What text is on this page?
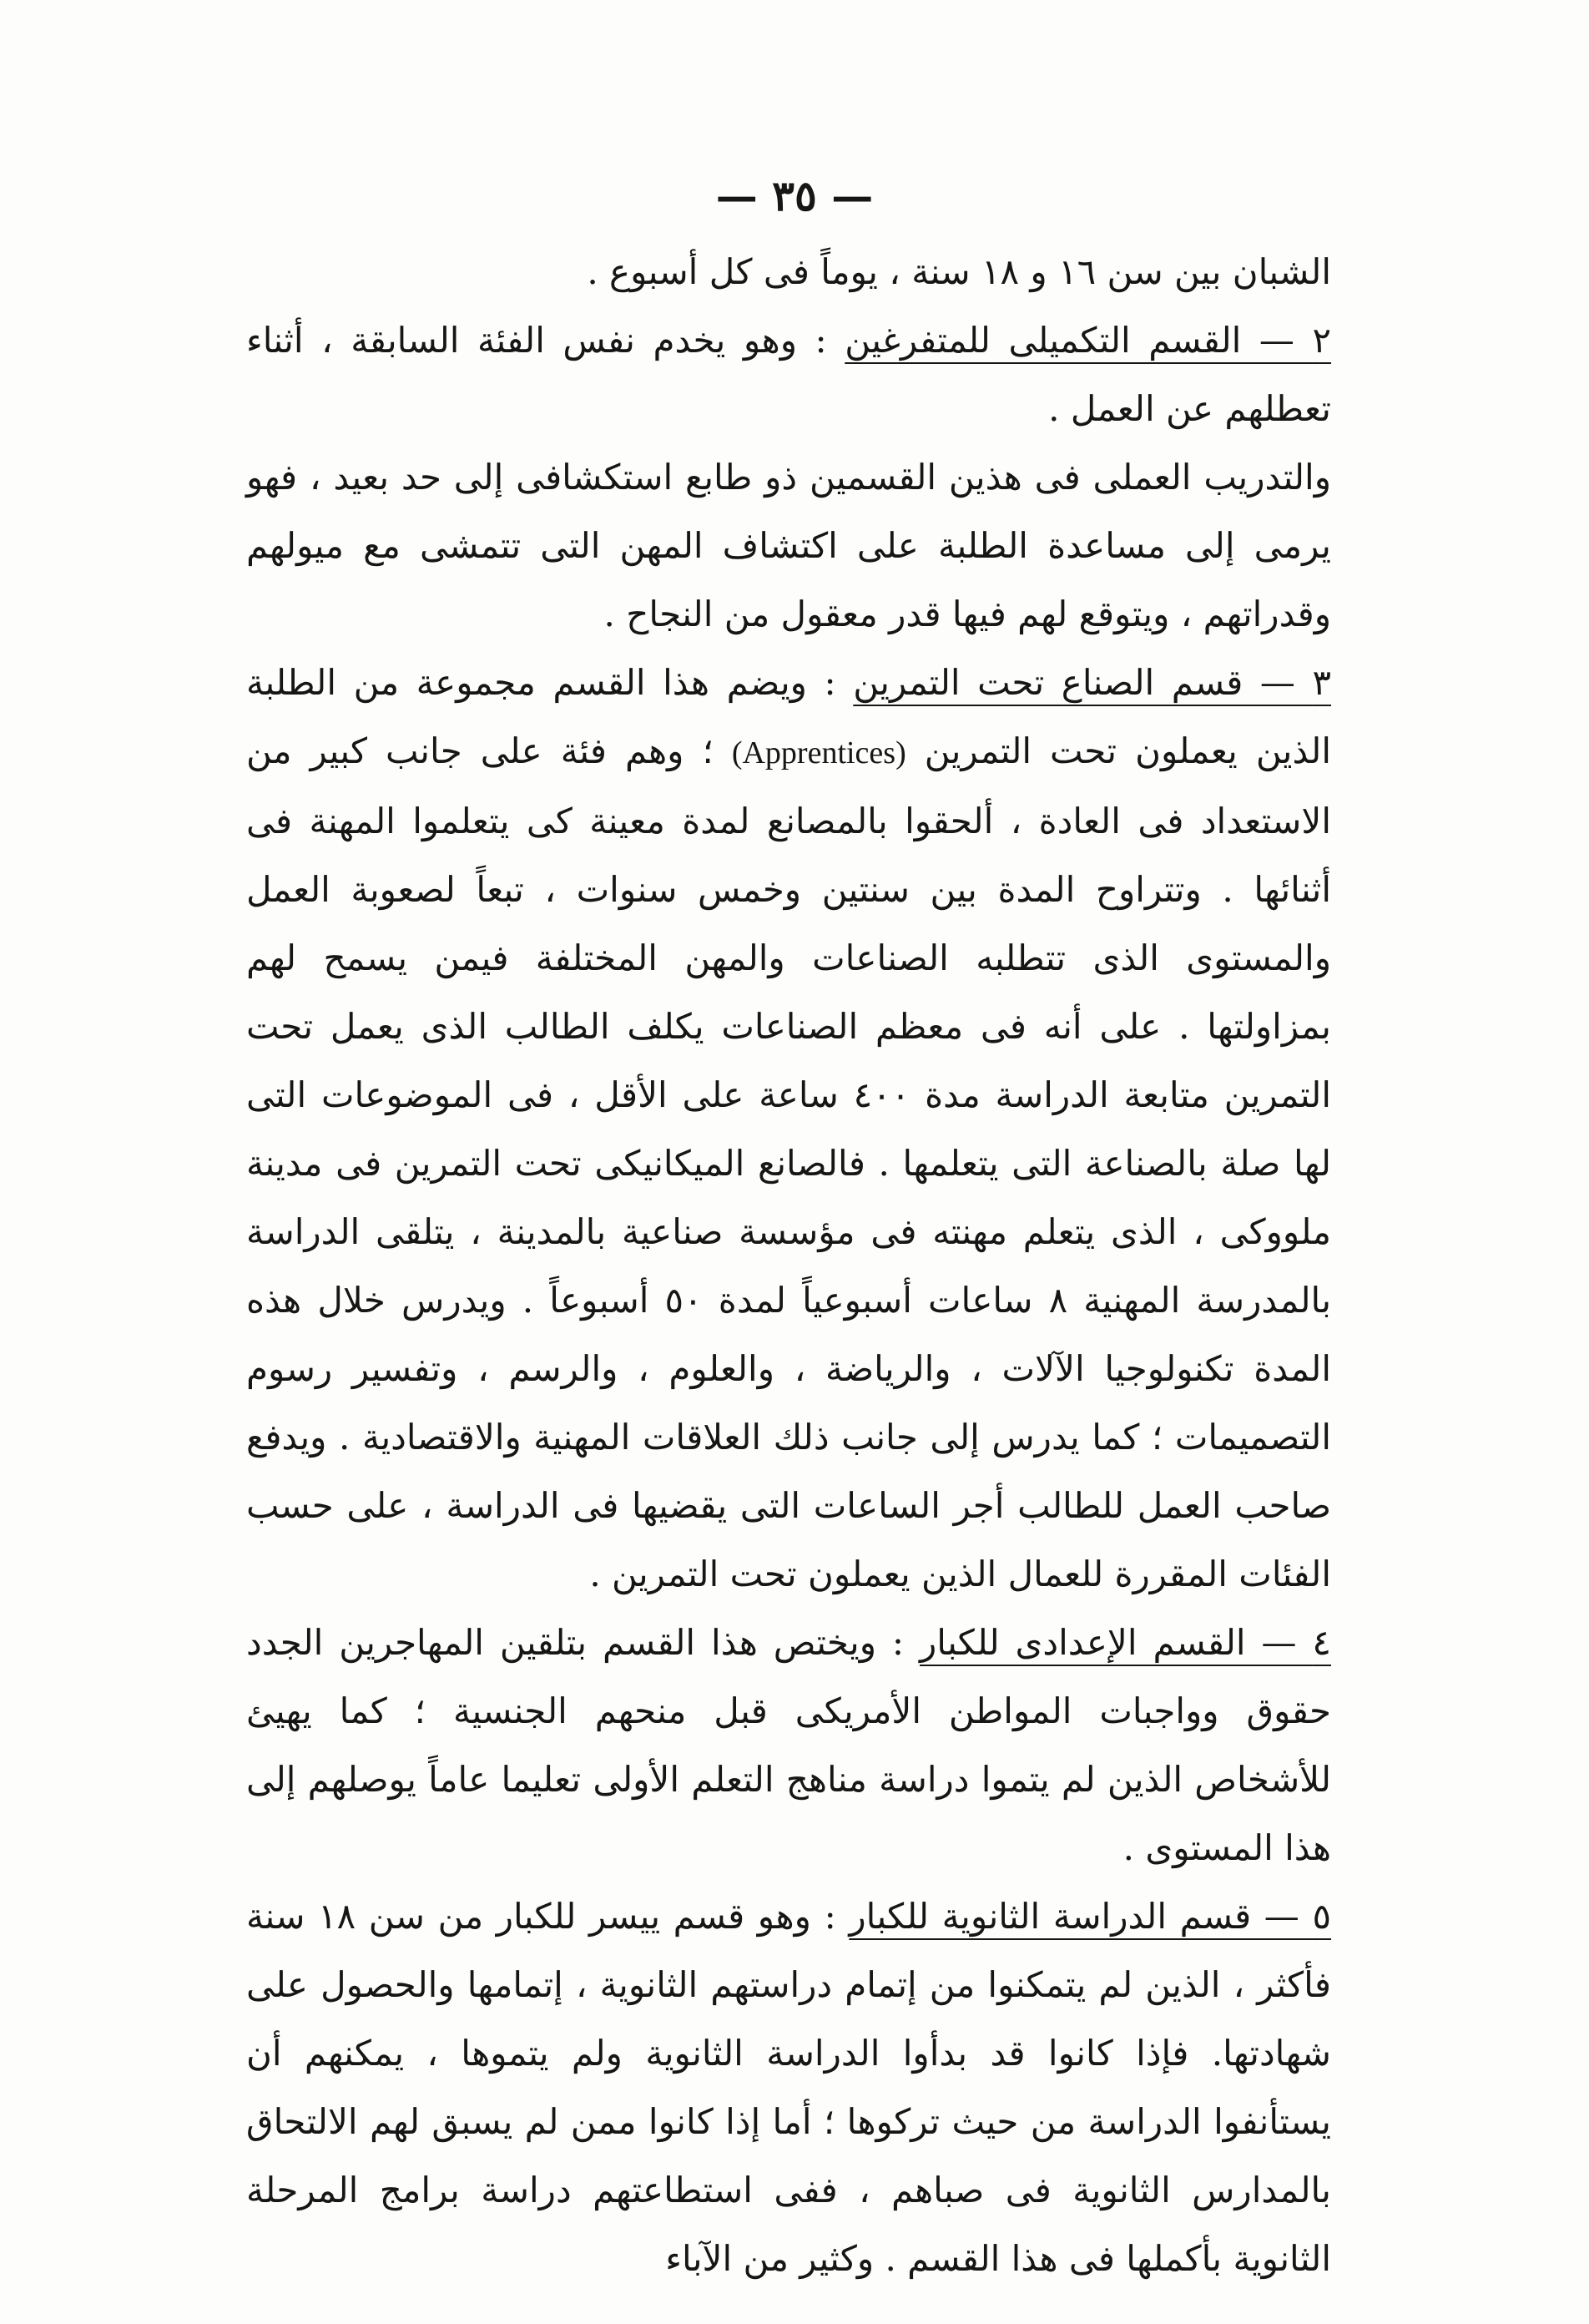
— ٣٥ —

الشبان بين سن ١٦ و ١٨ سنة ، يوماً فى كل أسبوع .

٢ — القسم التكميلى للمتفرغين : وهو يخدم نفس الفئة السابقة ، أثناء تعطلهم عن العمل .

والتدريب العملى فى هذين القسمين ذو طابع استكشافى إلى حد بعيد ، فهو يرمى إلى مساعدة الطلبة على اكتشاف المهن التى تتمشى مع ميولهم وقدراتهم ، ويتوقع لهم فيها قدر معقول من النجاح .

٣ — قسم الصناع تحت التمرين : ويضم هذا القسم مجموعة من الطلبة الذين يعملون تحت التمرين (Apprentices) ؛ وهم فئة على جانب كبير من الاستعداد فى العادة ، ألحقوا بالمصانع لمدة معينة كى يتعلموا المهنة فى أثنائها . وتتراوح المدة بين سنتين وخمس سنوات ، تبعاً لصعوبة العمل والمستوى الذى تتطلبه الصناعات والمهن المختلفة فيمن يسمح لهم بمزاولتها . على أنه فى معظم الصناعات يكلف الطالب الذى يعمل تحت التمرين متابعة الدراسة مدة ٤٠٠ ساعة على الأقل ، فى الموضوعات التى لها صلة بالصناعة التى يتعلمها . فالصانع الميكانيكى تحت التمرين فى مدينة ملووكى ، الذى يتعلم مهنته فى مؤسسة صناعية بالمدينة ، يتلقى الدراسة بالمدرسة المهنية ٨ ساعات أسبوعياً لمدة ٥٠ أسبوعاً . ويدرس خلال هذه المدة تكنولوجيا الآلات ، والرياضة ، والعلوم ، والرسم ، وتفسير رسوم التصميمات ؛ كما يدرس إلى جانب ذلك العلاقات المهنية والاقتصادية . ويدفع صاحب العمل للطالب أجر الساعات التى يقضيها فى الدراسة ، على حسب الفئات المقررة للعمال الذين يعملون تحت التمرين .

٤ — القسم الإعدادى للكبار : ويختص هذا القسم بتلقين المهاجرين الجدد حقوق وواجبات المواطن الأمريكى قبل منحهم الجنسية ؛ كما يهيئ للأشخاص الذين لم يتموا دراسة مناهج التعلم الأولى تعليما عاماً يوصلهم إلى هذا المستوى .

٥ — قسم الدراسة الثانوية للكبار : وهو قسم ييسر للكبار من سن ١٨ سنة فأكثر ، الذين لم يتمكنوا من إتمام دراستهم الثانوية ، إتمامها والحصول على شهادتها. فإذا كانوا قد بدأوا الدراسة الثانوية ولم يتموها ، يمكنهم أن يستأنفوا الدراسة من حيث تركوها ؛ أما إذا كانوا ممن لم يسبق لهم الالتحاق بالمدارس الثانوية فى صباهم ، ففى استطاعتهم دراسة برامج المرحلة الثانوية بأكملها فى هذا القسم . وكثير من الآباء
